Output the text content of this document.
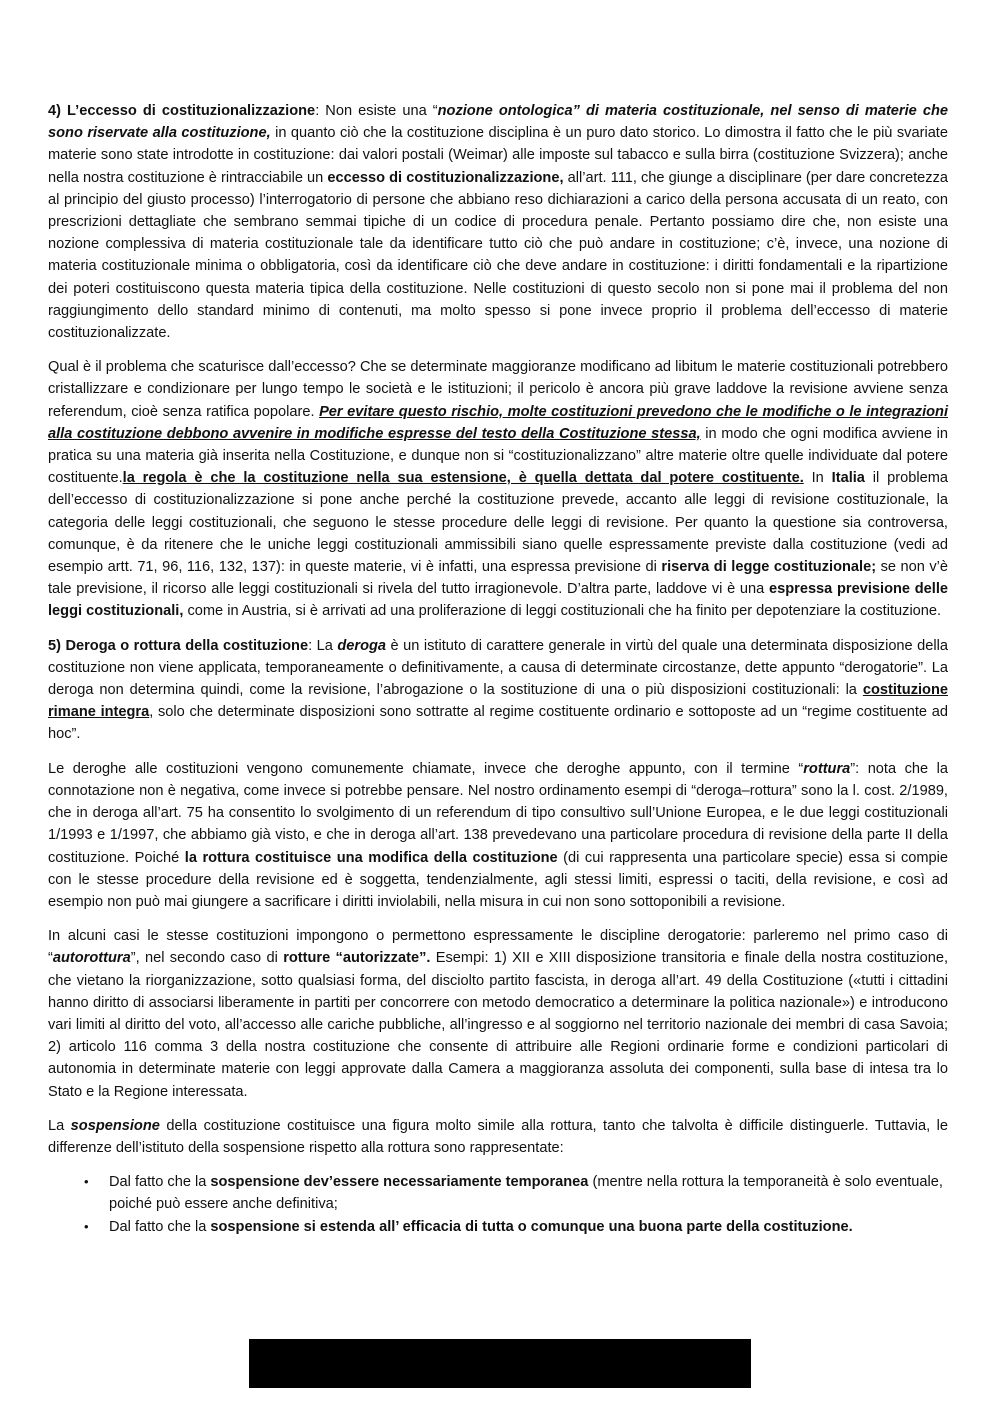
4) L’eccesso di costituzionalizzazione: Non esiste una “nozione ontologica” di materia costituzionale, nel senso di materie che sono riservate alla costituzione, in quanto ciò che la costituzione disciplina è un puro dato storico. Lo dimostra il fatto che le più svariate materie sono state introdotte in costituzione: dai valori postali (Weimar) alle imposte sul tabacco e sulla birra (costituzione Svizzera); anche nella nostra costituzione è rintracciabile un eccesso di costituzionalizzazione, all’art. 111, che giunge a disciplinare (per dare concretezza al principio del giusto processo) l’interrogatorio di persone che abbiano reso dichiarazioni a carico della persona accusata di un reato, con prescrizioni dettagliate che sembrano semmai tipiche di un codice di procedura penale. Pertanto possiamo dire che, non esiste una nozione complessiva di materia costituzionale tale da identificare tutto ciò che può andare in costituzione; c’è, invece, una nozione di materia costituzionale minima o obbligatoria, così da identificare ciò che deve andare in costituzione: i diritti fondamentali e la ripartizione dei poteri costituiscono questa materia tipica della costituzione. Nelle costituzioni di questo secolo non si pone mai il problema del non raggiungimento dello standard minimo di contenuti, ma molto spesso si pone invece proprio il problema dell’eccesso di materie costituzionalizzate.

Qual è il problema che scaturisce dall’eccesso? Che se determinate maggioranze modificano ad libitum le materie costituzionali potrebbero cristallizzare e condizionare per lungo tempo le società e le istituzioni; il pericolo è ancora più grave laddove la revisione avviene senza referendum, cioè senza ratifica popolare. Per evitare questo rischio, molte costituzioni prevedono che le modifiche o le integrazioni alla costituzione debbono avvenire in modifiche espresse del testo della Costituzione stessa, in modo che ogni modifica avviene in pratica su una materia già inserita nella Costituzione, e dunque non si “costituzionalizzano” altre materie oltre quelle individuate dal potere costituente.la regola è che la costituzione nella sua estensione, è quella dettata dal potere costituente. In Italia il problema dell’eccesso di costituzionalizzazione si pone anche perché la costituzione prevede, accanto alle leggi di revisione costituzionale, la categoria delle leggi costituzionali, che seguono le stesse procedure delle leggi di revisione. Per quanto la questione sia controversa, comunque, è da ritenere che le uniche leggi costituzionali ammissibili siano quelle espressamente previste dalla costituzione (vedi ad esempio artt. 71, 96, 116, 132, 137): in queste materie, vi è infatti, una espressa previsione di riserva di legge costituzionale; se non v’è tale previsione, il ricorso alle leggi costituzionali si rivela del tutto irragionevole. D’altra parte, laddove vi è una espressa previsione delle leggi costituzionali, come in Austria, si è arrivati ad una proliferazione di leggi costituzionali che ha finito per depotenziare la costituzione.

5) Deroga o rottura della costituzione: La deroga è un istituto di carattere generale in virtù del quale una determinata disposizione della costituzione non viene applicata, temporaneamente o definitivamente, a causa di determinate circostanze, dette appunto “derogatorie”. La deroga non determina quindi, come la revisione, l’abrogazione o la sostituzione di una o più disposizioni costituzionali: la costituzione rimane integra, solo che determinate disposizioni sono sottratte al regime costituente ordinario e sottoposte ad un “regime costituente ad hoc”.

Le deroghe alle costituzioni vengono comunemente chiamate, invece che deroghe appunto, con il termine “rottura”: nota che la connotazione non è negativa, come invece si potrebbe pensare. Nel nostro ordinamento esempi di “deroga–rottura” sono la l. cost. 2/1989, che in deroga all’art. 75 ha consentito lo svolgimento di un referendum di tipo consultivo sull’Unione Europea, e le due leggi costituzionali 1/1993 e 1/1997, che abbiamo già visto, e che in deroga all’art. 138 prevedevano una particolare procedura di revisione della parte II della costituzione. Poiché la rottura costituisce una modifica della costituzione (di cui rappresenta una particolare specie) essa si compie con le stesse procedure della revisione ed è soggetta, tendenzialmente, agli stessi limiti, espressi o taciti, della revisione, e così ad esempio non può mai giungere a sacrificare i diritti inviolabili, nella misura in cui non sono sottoponibili a revisione.

In alcuni casi le stesse costituzioni impongono o permettono espressamente le discipline derogatorie: parleremo nel primo caso di “autorottura”, nel secondo caso di rotture “autorizzate”. Esempi: 1) XII e XIII disposizione transitoria e finale della nostra costituzione, che vietano la riorganizzazione, sotto qualsiasi forma, del disciolto partito fascista, in deroga all’art. 49 della Costituzione («tutti i cittadini hanno diritto di associarsi liberamente in partiti per concorrere con metodo democratico a determinare la politica nazionale») e introducono vari limiti al diritto del voto, all’accesso alle cariche pubbliche, all’ingresso e al soggiorno nel territorio nazionale dei membri di casa Savoia; 2) articolo 116 comma 3 della nostra costituzione che consente di attribuire alle Regioni ordinarie forme e condizioni particolari di autonomia in determinate materie con leggi approvate dalla Camera a maggioranza assoluta dei componenti, sulla base di intesa tra lo Stato e la Regione interessata.

La sospensione della costituzione costituisce una figura molto simile alla rottura, tanto che talvolta è difficile distinguerle. Tuttavia, le differenze dell’istituto della sospensione rispetto alla rottura sono rappresentate:

• Dal fatto che la sospensione dev’essere necessariamente temporanea (mentre nella rottura la temporaneità è solo eventuale, poiché può essere anche definitiva;
• Dal fatto che la sospensione si estenda all’ efficacia di tutta o comunque una buona parte della costituzione.
